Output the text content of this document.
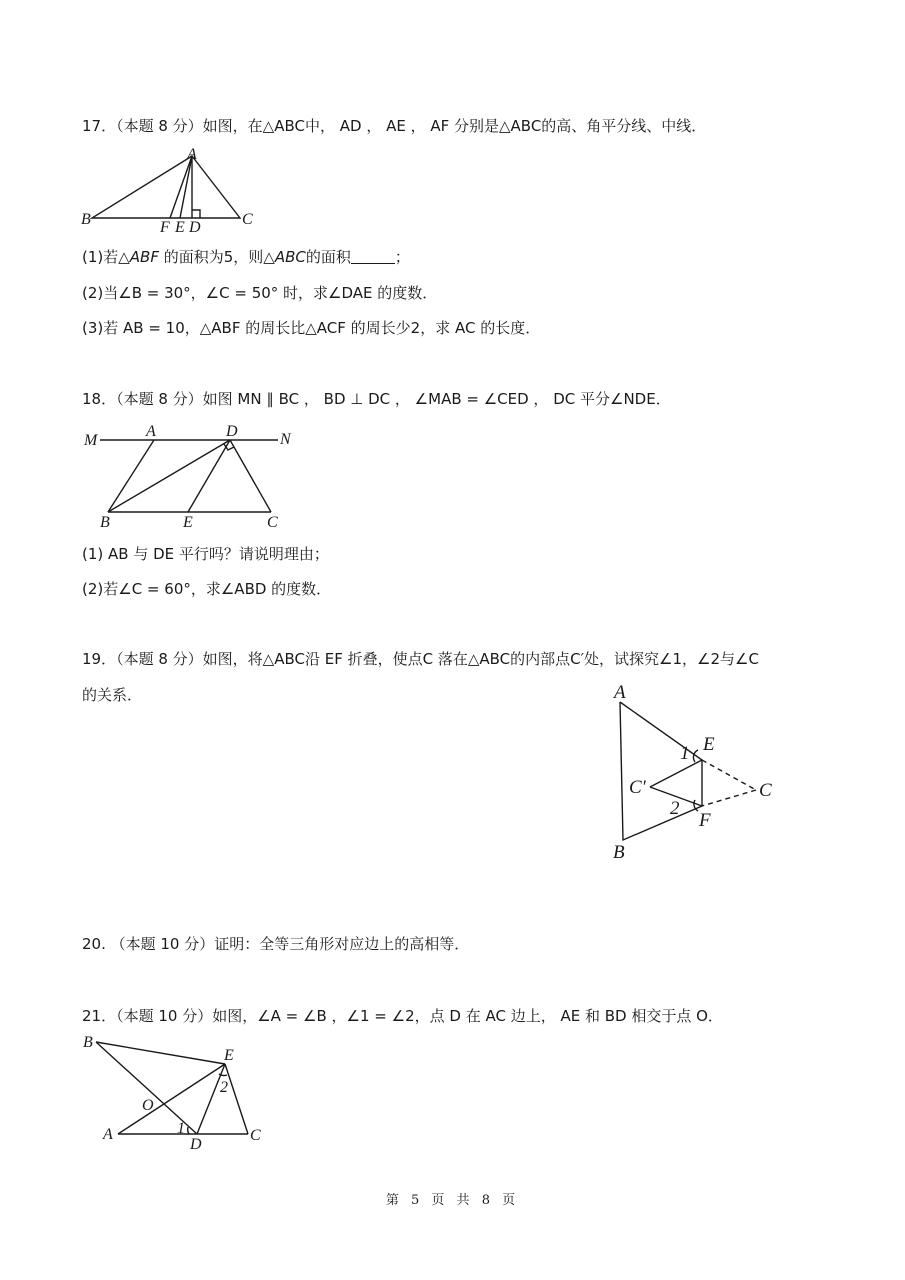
17．（本题 8 分）如图，在△ABC中， AD ， AE ， AF 分别是△ABC的高、角平分线、中线．
A
B	C
F E D
(1)若△ABF 的面积为5，则△ABC的面积	；
(2)当∠B = 30°，∠C = 50° 时，求∠DAE 的度数．
(3)若 AB = 10，△ABF 的周长比△ACF 的周长少2，求 AC 的长度．
18．（本题 8 分）如图 MN ∥ BC ， BD ⊥ DC ， ∠MAB = ∠CED ， DC 平分∠NDE．
M
A	D	N
B	E	C
(1) AB 与 DE 平行吗？请说明理由；
(2)若∠C = 60°，求∠ABD 的度数．
19．（本题 8 分）如图，将△ABC沿 EF 折叠，使点C 落在△ABC的内部点C′处，试探究∠1，∠2与∠C
的关系．	A
E
1
C′	C
2
F
B
20. （本题 10 分）证明：全等三角形对应边上的高相等．
21．（本题 10 分）如图，∠A = ∠B ，∠1 = ∠2，点 D 在 AC 边上， AE 和 BD 相交于点 O．
B
E
2
O
A	1
D
C
第 5 页 共 8 页
